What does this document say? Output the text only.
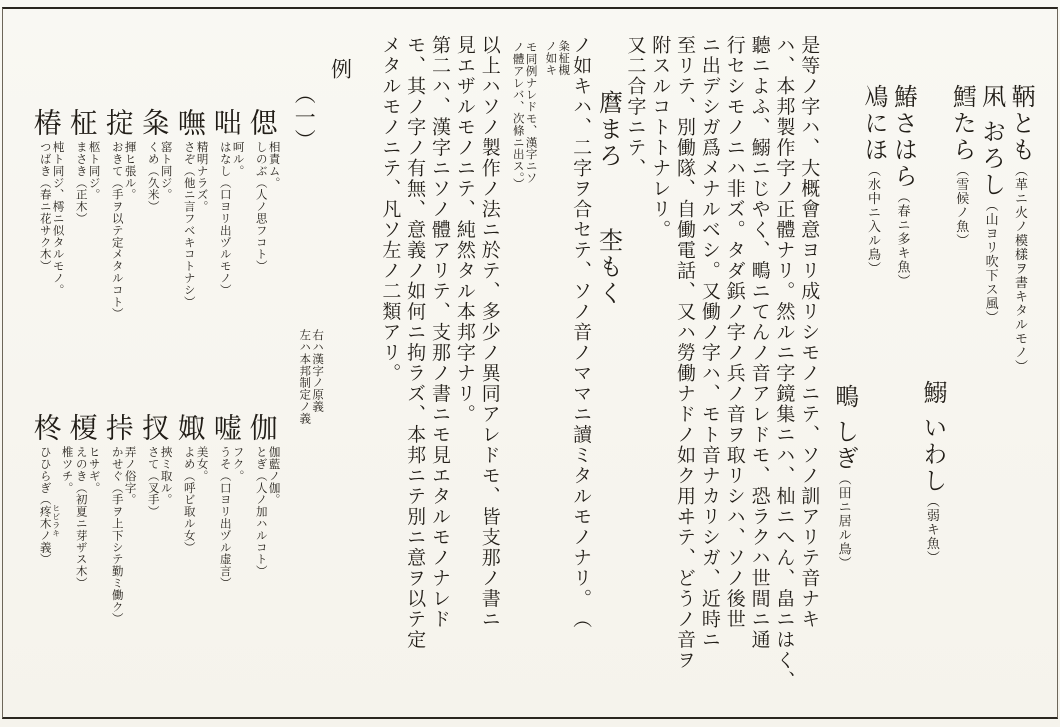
鞆とも︵革ニ火ノ模樣ヲ書キタルモノ︶
凩 おろし︵山ヨリ吹下ス風︶
鱈たら︵雪候ノ魚︶
鰯 いわし︵弱キ魚︶
鰆さはら︵春ニ多キ魚︶
鳰にほ︵水中ニ入ル鳥︶
鴫 しぎ︵田ニ居ル鳥︶
是等ノ字ハ、大概會意ヨリ成リシモノニテ、ソノ訓アリテ音ナキ
ハ、本邦製作字ノ正體ナリ。然ルニ字鏡集ニハ、杣ニへん、畠ニはく、
聽ニよふ、鰯ニじやく、鴫ニてんノ音アレドモ、恐ラクハ世間ニ通
行セシモノニハ非ズ。タダ鋲ノ字ノ兵ノ音ヲ取リシハ、ソノ後世
ニ出デシガ爲メナルベシ。又働ノ字ハ、モト音ナカリシガ、近時ニ
至リテ、別働隊、自働電話、又ハ勞働ナドノ如ク用ヰテ、どうノ音ヲ
附スルコトトナレリ。
又二合字ニテ、
麿まろ杢もく
ノ如キハ、二字ヲ合セテ、ソノ音ノママニ讀ミタルモノナリ。︵
粂柾槻
ノ如キ
モ同例ナレドモ、漢字ニソ
ノ體アレバ、次條ニ出ス。︶
以上ハソノ製作ノ法ニ於テ、多少ノ異同アレドモ、皆支那ノ書ニ
見エザルモノニテ、純然タル本邦字ナリ。
第二ハ、漢字ニソノ體アリテ、支那ノ書ニモ見エタルモノナレド
モ、其ノ字ノ有無、意義ノ如何ニ拘ラズ、本邦ニテ別ニ意ヲ以テ定
メタルモノニテ、凡ソ左ノ二類アリ。
例
︵一︶
右ハ漢字ノ原義
左ハ本邦制定ノ義
偲
相責ム。
しのぶ︵人ノ思フコト︶
伽
伽藍ノ伽。
とぎ︵人ノ加ハルコト︶
咄
呵ル。
はなし︵口ヨリ出ヅルモノ︶
嘘
フク。
うそ︵口ヨリ出ヅル虚言︶
嘸
精明ナラズ。
さぞ︵他ニ言フベキコトナシ︶
娵
美女。
よめ︵呼ビ取ル女︶
粂
窰ト同ジ。
くめ︵久米︶
扠
挾ミ取ル。
さて︵叉手︶
掟
揮ヒ張ル。
おきて︵手ヲ以テ定メタルコト︶
挊
弄ノ俗字。
かせぐ︵手ヲ上下シテ勤ミ働ク︶
柾
柩ト同ジ。
まさき︵正木︶
榎
ヒサギ。
えのき︵初夏ニ芽ザス木︶
椿
杶ト同ジ、樗ニ似タルモノ。
つばき︵春ニ花サク木︶
柊
椎ツチ。
ヒビラキ
ひひらぎ︵疼木ノ義︶
